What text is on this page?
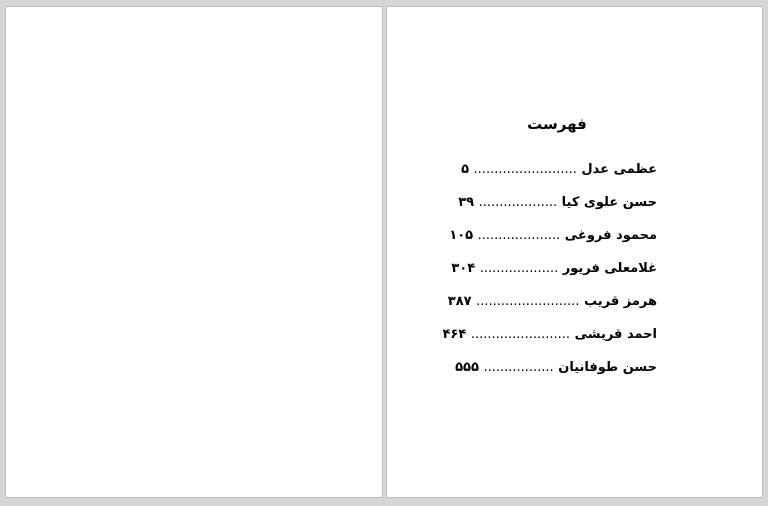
فهرست
عظمی عدل ......................... ۵
حسن علوی کیا ................... ۳۹
محمود فروغی .................... ۱۰۵
غلامعلی فریور ................... ۳۰۴
هرمز قریب ......................... ۳۸۷
احمد قریشی ........................ ۴۶۴
حسن طوفانیان ................. ۵۵۵
